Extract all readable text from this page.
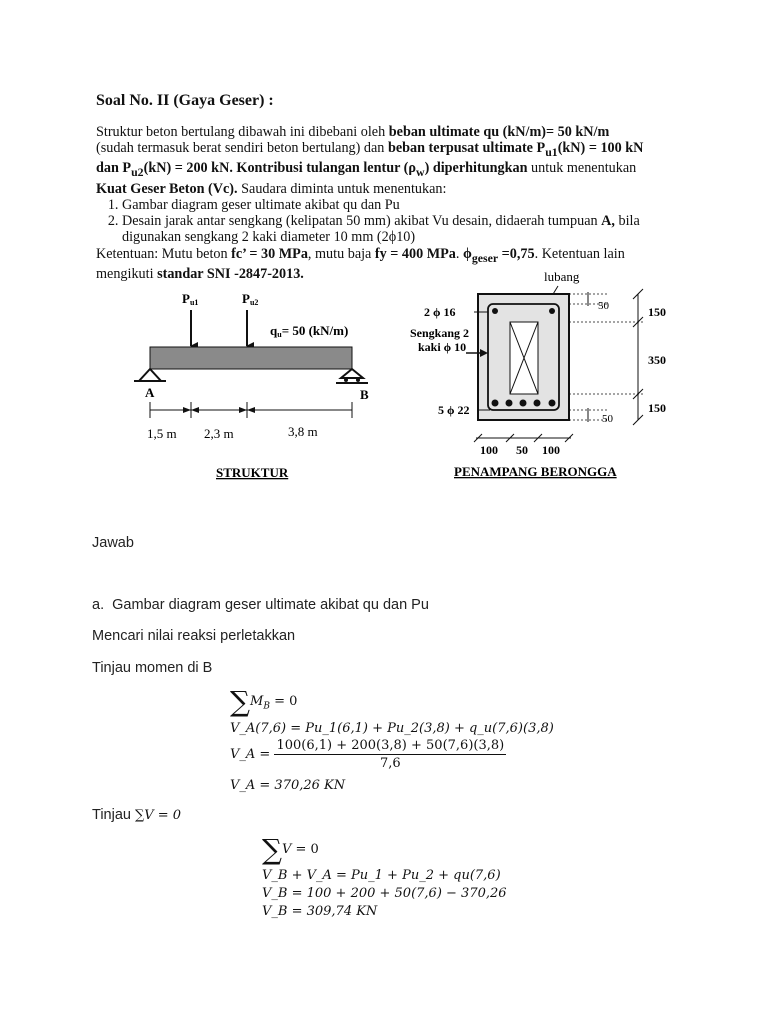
Soal No. II (Gaya Geser) :

Struktur beton bertulang dibawah ini dibebani oleh beban ultimate qu (kN/m)= 50 kN/m (sudah termasuk berat sendiri beton bertulang) dan beban terpusat ultimate $P_{u1}(kN) = 100$ kN dan $P_{u2}(kN) = 200$ kN. Kontribusi tulangan lentur $(\rho_w)$ diperhitungkan untuk menentukan Kuat Geser Beton (Vc). Saudara diminta untuk menentukan:

1. Gambar diagram geser ultimate akibat qu dan Pu
2. Desain jarak antar sengkang (kelipatan 50 mm) akibat Vu desain, didaerah tumpuan A, bila digunakan sengkang 2 kaki diameter 10 mm (2ϕ10)

Ketentuan: Mutu beton fc’ = 30 MPa, mutu baja fy = 400 MPa. $\phi_{geser} =0,75$. Ketentuan lain mengikuti standar SNI -2847-2013.

Pu1	Pu2
qu= 50 (kN/m)
A	B
1,5 m 2,3 m	3,8 m
STRUKTUR
lubang
2 ϕ 16
Sengkang 2
kaki ϕ 10
5 ϕ 22
50
50
150
350
150
100 50 100
PENAMPANG BERONGGA
Jawab
a. Gambar diagram geser ultimate akibat qu dan Pu
Mencari nilai reaksi perletakkan
Tinjau momen di B
$\sum M_B = 0$
V_A(7,6) = Pu_1(6,1) + Pu_2(3,8) + q_u(7,6)(3,8)
V_A = $\frac{100(6,1) + 200(3,8) + 50(7,6)(3,8)}{7,6}$
V_A = 370,26 KN
Tinjau ∑V = 0
∑V = 0
V_B + V_A = Pu_1 + Pu_2 + qu(7,6)
V_B = 100 + 200 + 50(7,6) − 370,26
V_B = 309,74 KN
